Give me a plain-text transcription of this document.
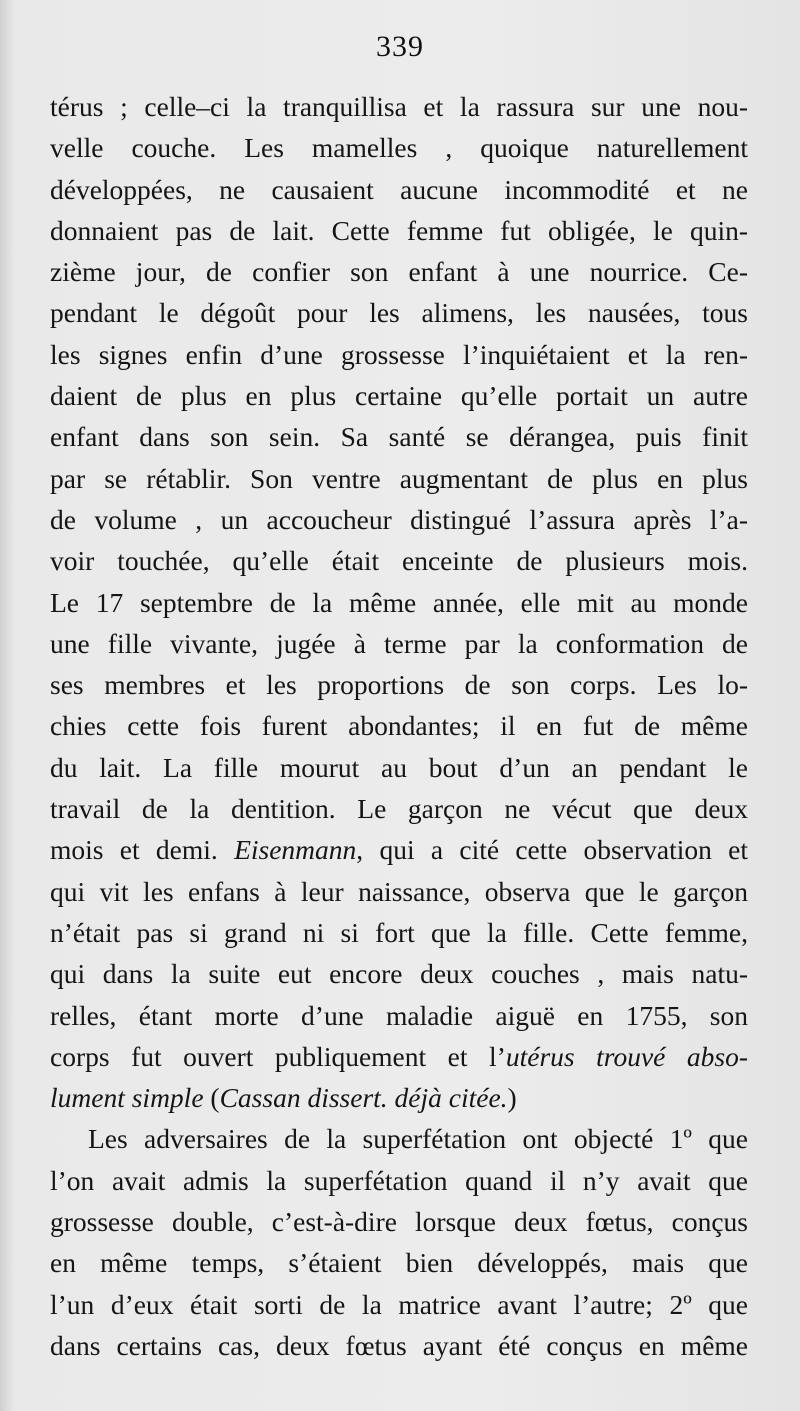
339
térus ; celle–ci la tranquillisa et la rassura sur une nou-
velle couche. Les mamelles , quoique naturellement
développées, ne causaient aucune incommodité et ne
donnaient pas de lait. Cette femme fut obligée, le quin-
zième jour, de confier son enfant à une nourrice. Ce-
pendant le dégoût pour les alimens, les nausées, tous
les signes enfin d’une grossesse l’inquiétaient et la ren-
daient de plus en plus certaine qu’elle portait un autre
enfant dans son sein. Sa santé se dérangea, puis finit
par se rétablir. Son ventre augmentant de plus en plus
de volume , un accoucheur distingué l’assura après l’a-
voir touchée, qu’elle était enceinte de plusieurs mois.
Le 17 septembre de la même année, elle mit au monde
une fille vivante, jugée à terme par la conformation de
ses membres et les proportions de son corps. Les lo-
chies cette fois furent abondantes; il en fut de même
du lait. La fille mourut au bout d’un an pendant le
travail de la dentition. Le garçon ne vécut que deux
mois et demi. Eisenmann, qui a cité cette observation et
qui vit les enfans à leur naissance, observa que le garçon
n’était pas si grand ni si fort que la fille. Cette femme,
qui dans la suite eut encore deux couches , mais natu-
relles, étant morte d’une maladie aiguë en 1755, son
corps fut ouvert publiquement et l’utérus trouvé abso-
lument simple (Cassan dissert. déjà citée.)
Les adversaires de la superfétation ont objecté 1º que
l’on avait admis la superfétation quand il n’y avait que
grossesse double, c’est-à-dire lorsque deux fœtus, conçus
en même temps, s’étaient bien développés, mais que
l’un d’eux était sorti de la matrice avant l’autre; 2º que
dans certains cas, deux fœtus ayant été conçus en même
